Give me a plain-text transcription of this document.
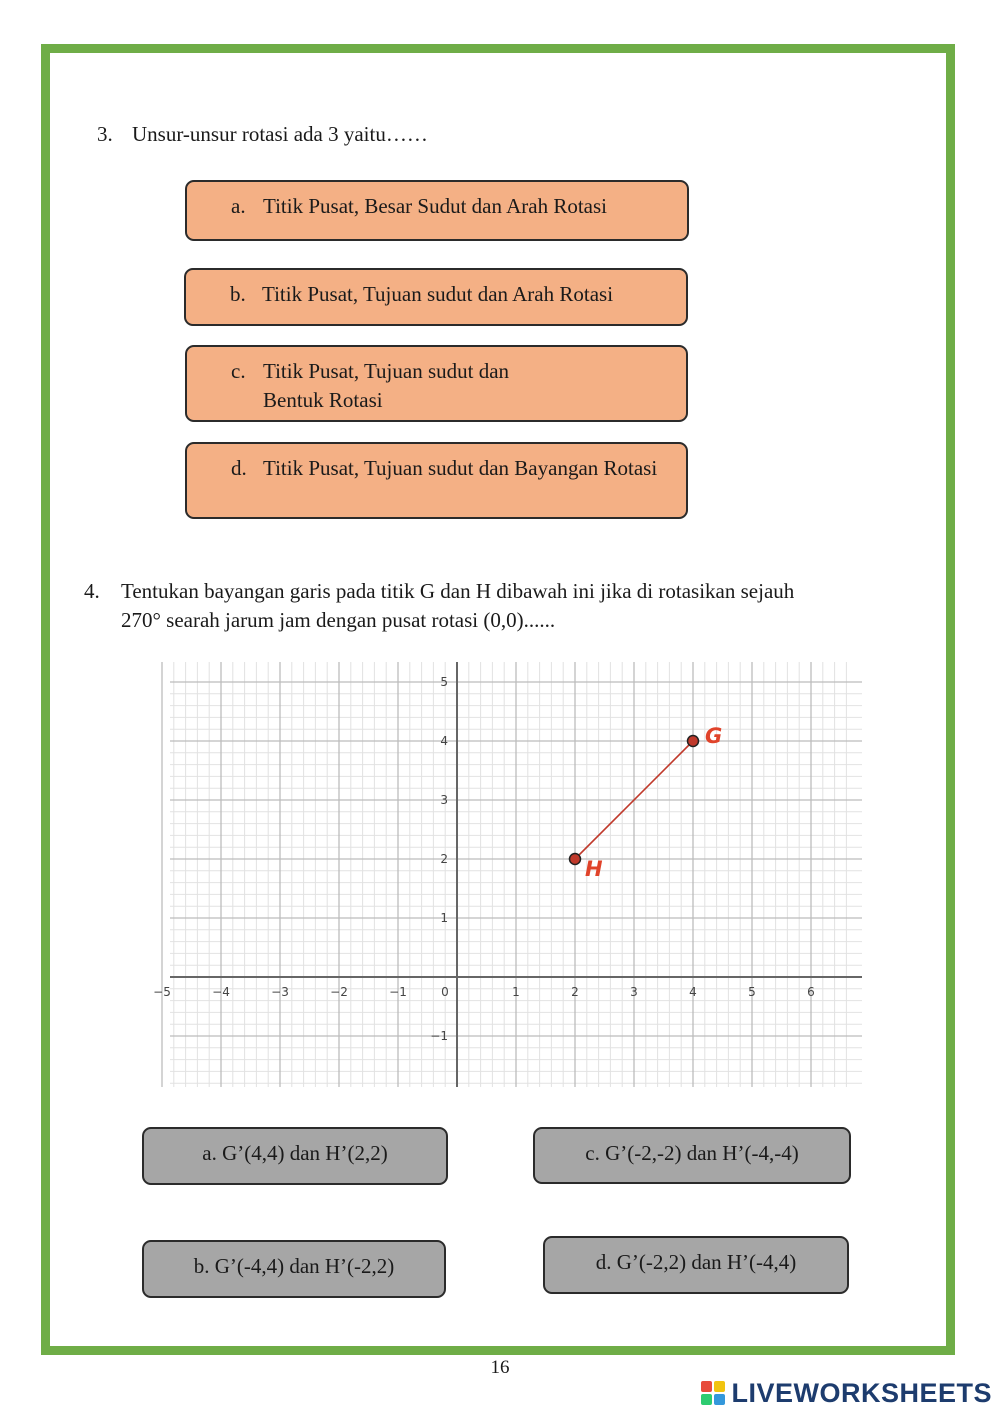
3. Unsur-unsur rotasi ada 3 yaitu……
a. Titik Pusat, Besar Sudut dan Arah Rotasi
b. Titik Pusat, Tujuan sudut dan Arah Rotasi
c. Titik Pusat, Tujuan sudut dan Bentuk Rotasi
d. Titik Pusat, Tujuan sudut dan Bayangan Rotasi
4. Tentukan bayangan garis pada titik G dan H dibawah ini jika di rotasikan sejauh
270° searah jarum jam dengan pusat rotasi (0,0)......
−5	−4	−3	−2	−1	0	1	2	3	4	5	6
−1
1
2
3
4
5
G
H
a. G’(4,4) dan H’(2,2)
b. G’(-4,4) dan H’(-2,2)
c. G’(-2,-2) dan H’(-4,-4)
d. G’(-2,2) dan H’(-4,4)
16
LIVEWORKSHEETS
